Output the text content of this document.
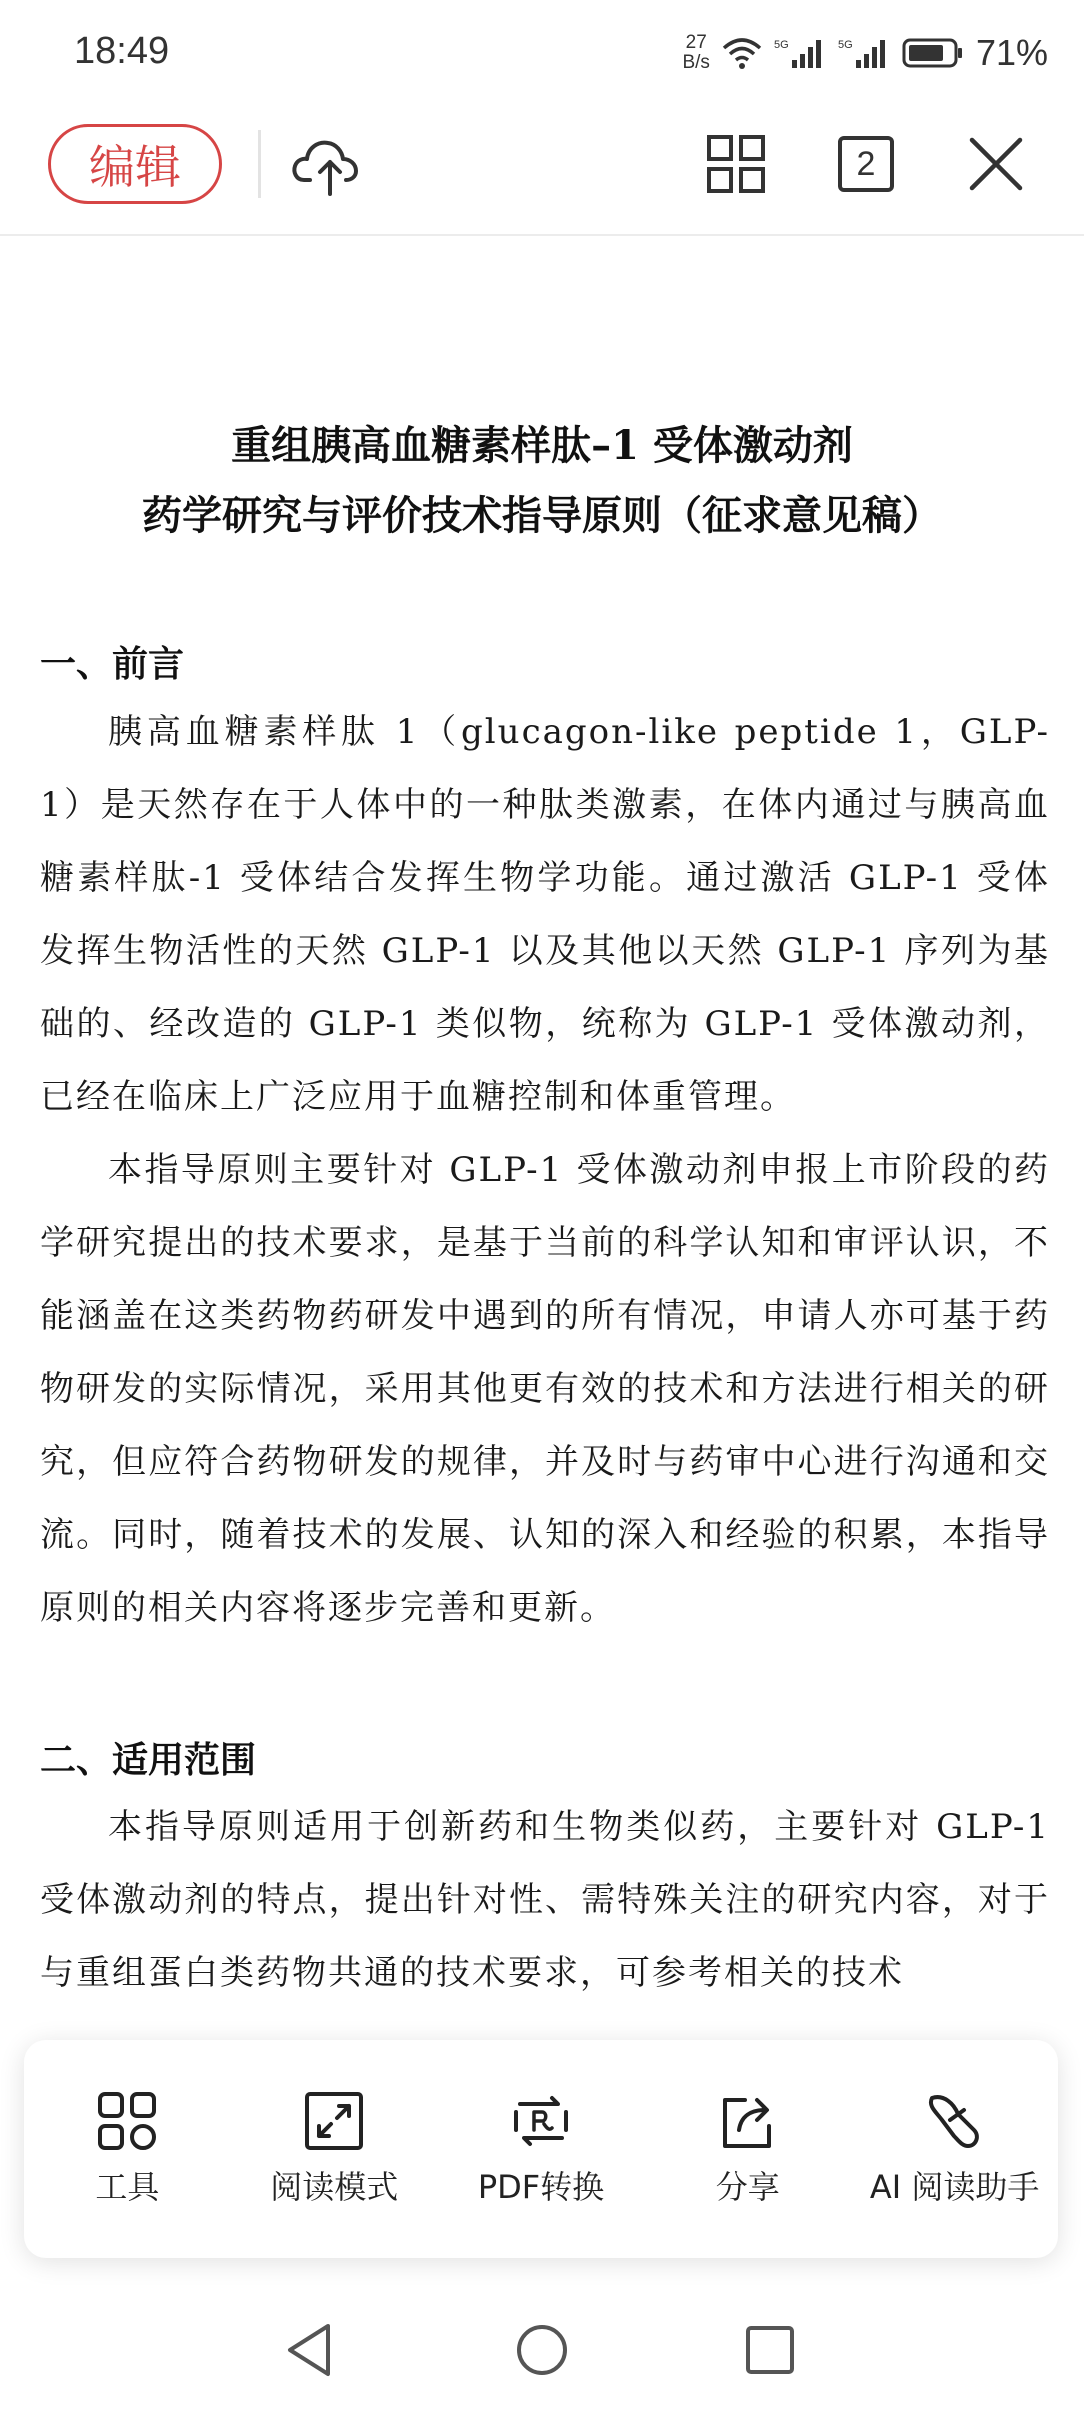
18:49	27
B/s
5G	5G	71%
编辑	2
重组胰高血糖素样肽–1 受体激动剂
药学研究与评价技术指导原则（征求意见稿）
一、前言

胰高血糖素样肽 1（glucagon-like peptide 1，GLP-1）是天然存在于人体中的一种肽类激素，在体内通过与胰高血糖素样肽-1 受体结合发挥生物学功能。通过激活 GLP-1 受体发挥生物活性的天然 GLP-1 以及其他以天然 GLP-1 序列为基础的、经改造的 GLP-1 类似物，统称为 GLP-1 受体激动剂，已经在临床上广泛应用于血糖控制和体重管理。

本指导原则主要针对 GLP-1 受体激动剂申报上市阶段的药学研究提出的技术要求，是基于当前的科学认知和审评认识，不能涵盖在这类药物药研发中遇到的所有情况，申请人亦可基于药物研发的实际情况，采用其他更有效的技术和方法进行相关的研究，但应符合药物研发的规律，并及时与药审中心进行沟通和交流。同时，随着技术的发展、认知的深入和经验的积累，本指导原则的相关内容将逐步完善和更新。

二、适用范围

本指导原则适用于创新药和生物类似药，主要针对 GLP-1 受体激动剂的特点，提出针对性、需特殊关注的研究内容，对于与重组蛋白类药物共通的技术要求，可参考相关的技术

工具	阅读模式 PDF转换	分享	AI 阅读助手
